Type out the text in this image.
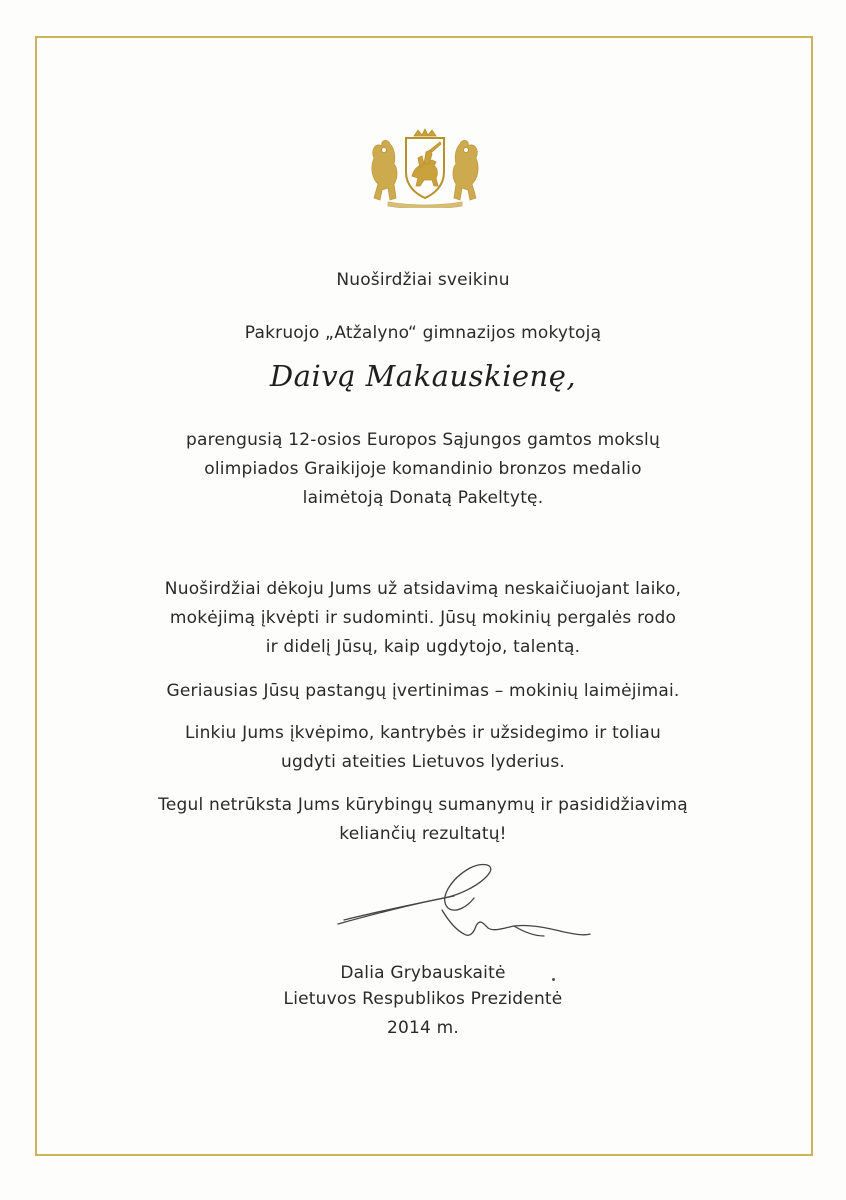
Nuoširdžiai sveikinu
Pakruojo „Atžalyno“ gimnazijos mokytoją
Daivą Makauskienę,
parengusią 12-osios Europos Sąjungos gamtos mokslų
olimpiados Graikijoje komandinio bronzos medalio
laimėtoją Donatą Pakeltytę.
Nuoširdžiai dėkoju Jums už atsidavimą neskaičiuojant laiko,
mokėjimą įkvėpti ir sudominti. Jūsų mokinių pergalės rodo
ir didelį Jūsų, kaip ugdytojo, talentą.
Geriausias Jūsų pastangų įvertinimas – mokinių laimėjimai.
Linkiu Jums įkvėpimo, kantrybės ir užsidegimo ir toliau
ugdyti ateities Lietuvos lyderius.
Tegul netrūksta Jums kūrybingų sumanymų ir pasididžiavimą
keliančių rezultatų!
Dalia Grybauskaitė
Lietuvos Respublikos Prezidentė
2014 m.
